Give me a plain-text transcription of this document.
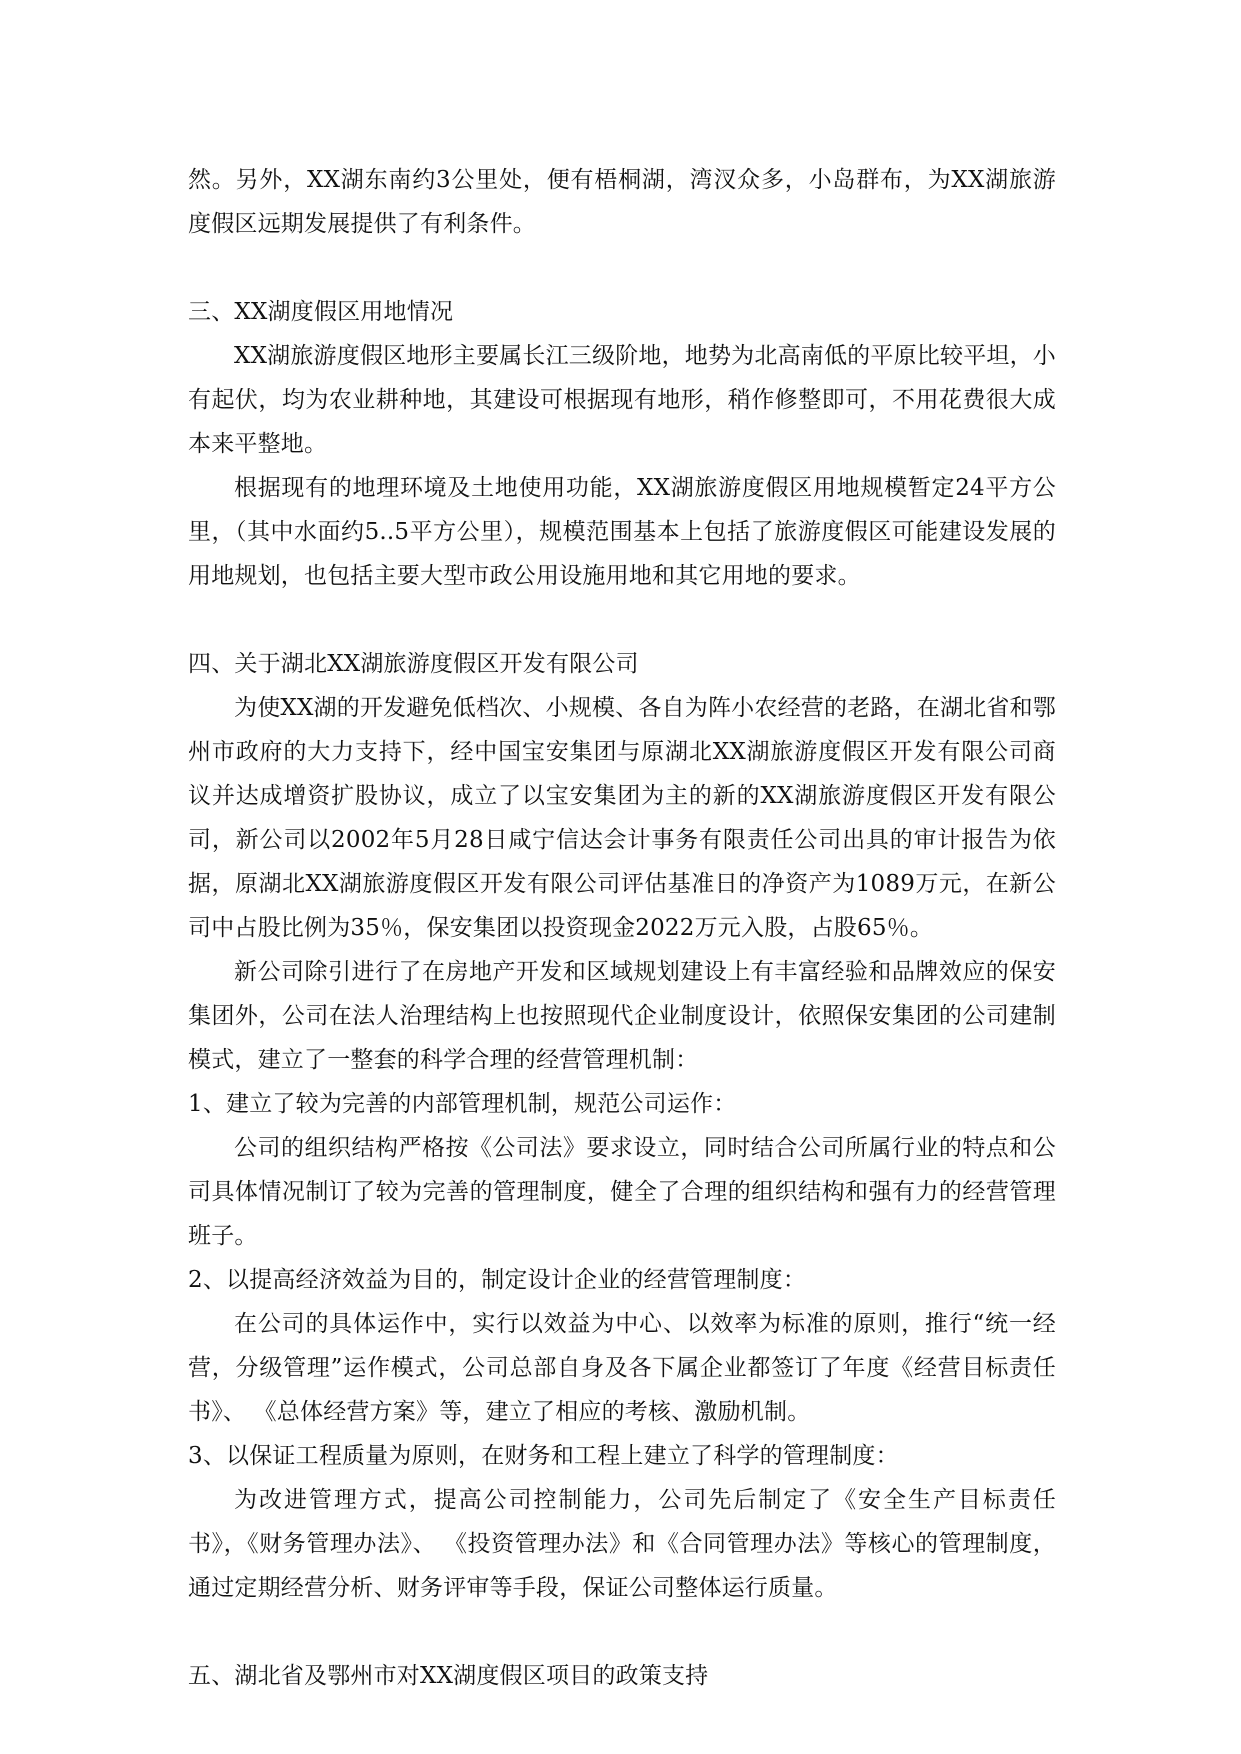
然。另外，XX湖东南约3公里处，便有梧桐湖，湾汊众多，小岛群布，为XX湖旅游度假区远期发展提供了有利条件。

三、XX湖度假区用地情况

XX湖旅游度假区地形主要属长江三级阶地，地势为北高南低的平原比较平坦，小有起伏，均为农业耕种地，其建设可根据现有地形，稍作修整即可，不用花费很大成本来平整地。

根据现有的地理环境及土地使用功能，XX湖旅游度假区用地规模暂定24平方公里，（其中水面约5..5平方公里），规模范围基本上包括了旅游度假区可能建设发展的用地规划，也包括主要大型市政公用设施用地和其它用地的要求。

四、关于湖北XX湖旅游度假区开发有限公司

为使XX湖的开发避免低档次、小规模、各自为阵小农经营的老路，在湖北省和鄂州市政府的大力支持下，经中国宝安集团与原湖北XX湖旅游度假区开发有限公司商议并达成增资扩股协议，成立了以宝安集团为主的新的XX湖旅游度假区开发有限公司，新公司以2002年5月28日咸宁信达会计事务有限责任公司出具的审计报告为依据，原湖北XX湖旅游度假区开发有限公司评估基准日的净资产为1089万元，在新公司中占股比例为35％，保安集团以投资现金2022万元入股，占股65％。

新公司除引进行了在房地产开发和区域规划建设上有丰富经验和品牌效应的保安集团外，公司在法人治理结构上也按照现代企业制度设计，依照保安集团的公司建制模式，建立了一整套的科学合理的经营管理机制：

1、建立了较为完善的内部管理机制，规范公司运作：

公司的组织结构严格按《公司法》要求设立，同时结合公司所属行业的特点和公司具体情况制订了较为完善的管理制度，健全了合理的组织结构和强有力的经营管理班子。

2、以提高经济效益为目的，制定设计企业的经营管理制度：

在公司的具体运作中，实行以效益为中心、以效率为标准的原则，推行“统一经营，分级管理”运作模式，公司总部自身及各下属企业都签订了年度《经营目标责任书》、 《总体经营方案》等，建立了相应的考核、激励机制。

3、以保证工程质量为原则，在财务和工程上建立了科学的管理制度：

为改进管理方式，提高公司控制能力，公司先后制定了《安全生产目标责任书》，《财务管理办法》、 《投资管理办法》和《合同管理办法》等核心的管理制度， 通过定期经营分析、财务评审等手段，保证公司整体运行质量。

五、湖北省及鄂州市对XX湖度假区项目的政策支持
